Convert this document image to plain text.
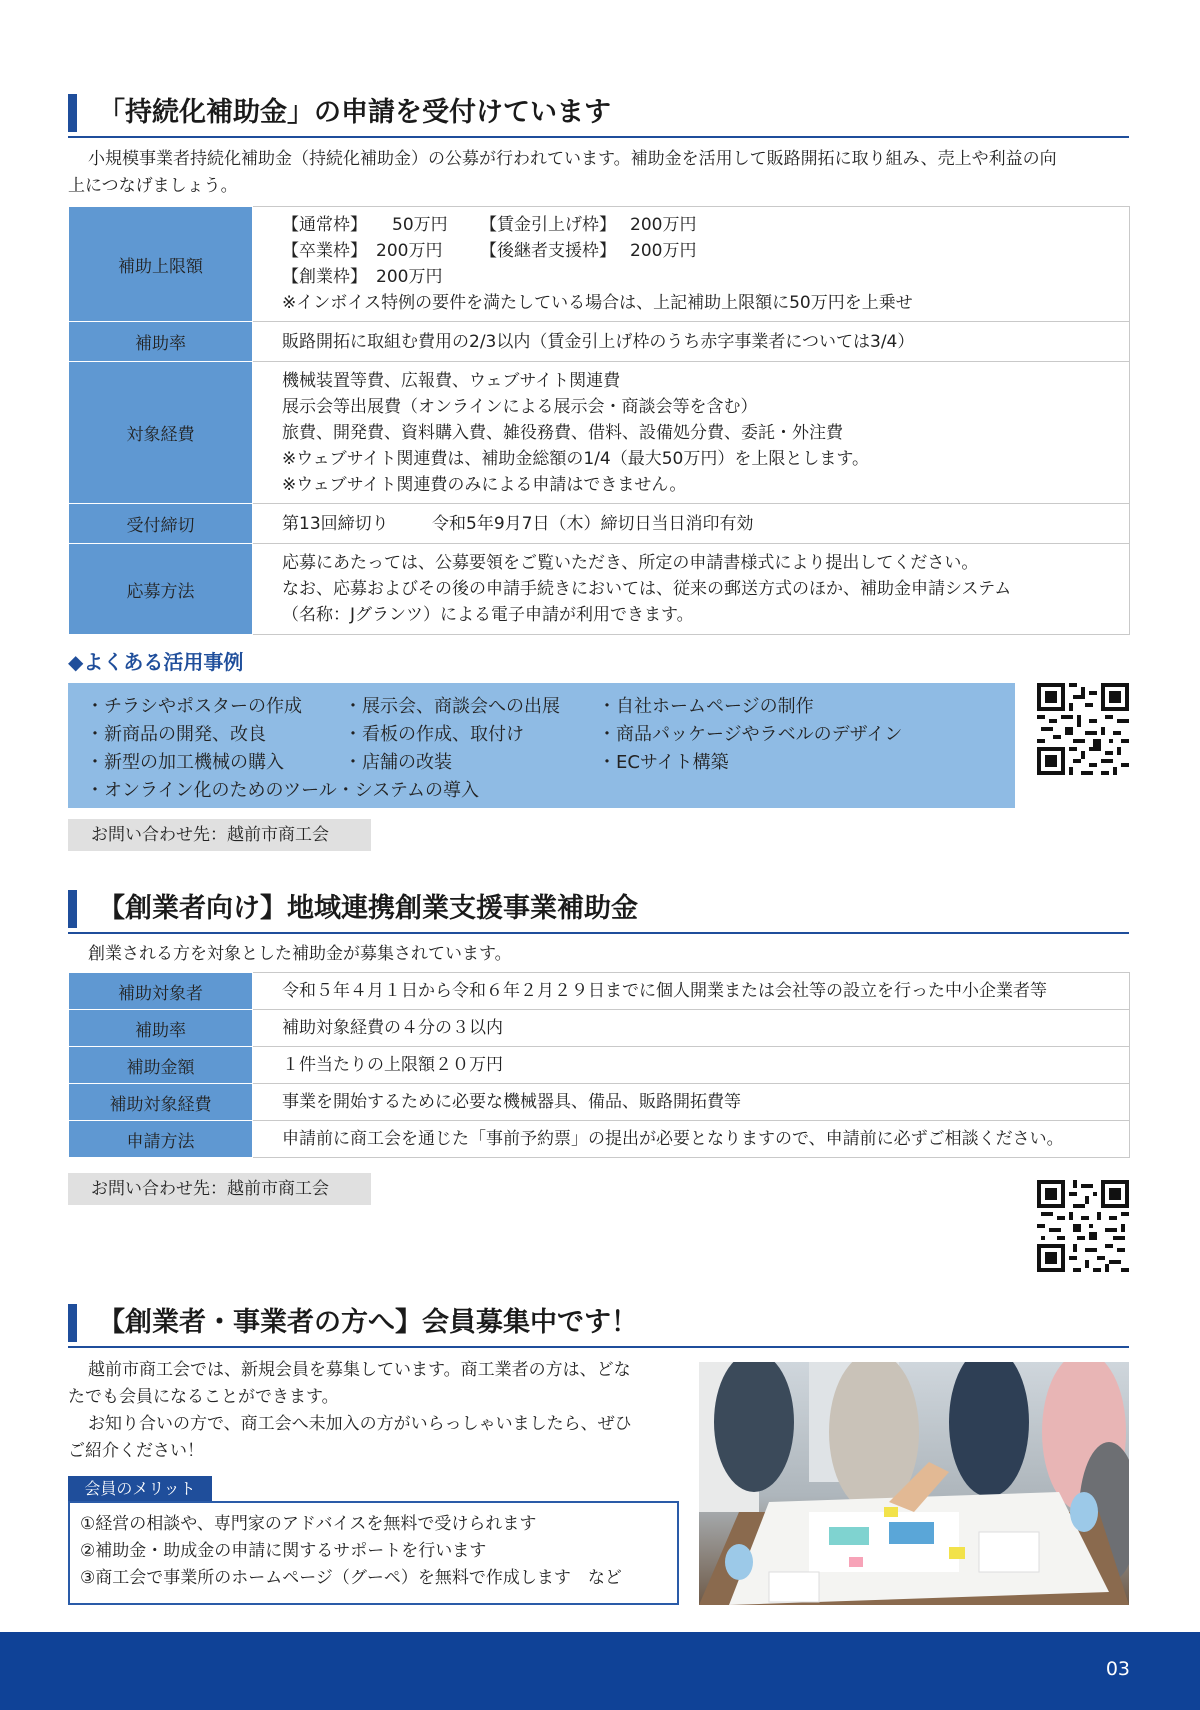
「持続化補助金」の申請を受付けています
小規模事業者持続化補助金（持続化補助金）の公募が行われています。補助金を活用して販路開拓に取り組み、売上や利益の向
上につなげましょう。
補助上限額	【通常枠】 50万円 【賃金引上げ枠】 200万円
【卒業枠】 200万円 【後継者支援枠】 200万円
【創業枠】 200万円
※インボイス特例の要件を満たしている場合は、上記補助上限額に50万円を上乗せ

補助率	販路開拓に取組む費用の2/3以内（賃金引上げ枠のうち赤字事業者については3/4）
対象経費	機械装置等費、広報費、ウェブサイト関連費
展示会等出展費（オンラインによる展示会・商談会等を含む）
旅費、開発費、資料購入費、雑役務費、借料、設備処分費、委託・外注費
※ウェブサイト関連費は、補助金総額の1/4（最大50万円）を上限とします。
※ウェブサイト関連費のみによる申請はできません。

受付締切	第13回締切り 令和5年9月7日（木）締切日当日消印有効
応募方法	応募にあたっては、公募要領をご覧いただき、所定の申請書様式により提出してください。
なお、応募およびその後の申請手続きにおいては、従来の郵送方式のほか、補助金申請システム
（名称：Jグランツ）による電子申請が利用できます。
◆よくある活用事例
・チラシやポスターの作成 ・展示会、商談会への出展 ・自社ホームページの制作
・新商品の開発、改良	・看板の作成、取付け	・商品パッケージやラベルのデザイン
・新型の加工機械の購入	・店舗の改装	・ECサイト構築
・オンライン化のためのツール・システムの導入
お問い合わせ先：越前市商工会
【創業者向け】地域連携創業支援事業補助金
創業される方を対象とした補助金が募集されています。
補助対象者	令和５年４月１日から令和６年２月２９日までに個人開業または会社等の設立を行った中小企業者等
補助率	補助対象経費の４分の３以内
補助金額	１件当たりの上限額２０万円
補助対象経費	事業を開始するために必要な機械器具、備品、販路開拓費等
申請方法	申請前に商工会を通じた「事前予約票」の提出が必要となりますので、申請前に必ずご相談ください。
お問い合わせ先：越前市商工会
【創業者・事業者の方へ】会員募集中です！
越前市商工会では、新規会員を募集しています。商工業者の方は、どな
たでも会員になることができます。
お知り合いの方で、商工会へ未加入の方がいらっしゃいましたら、ぜひ
ご紹介ください！
会員のメリット
①経営の相談や、専門家のアドバイスを無料で受けられます
②補助金・助成金の申請に関するサポートを行います
③商工会で事業所のホームページ（グーペ）を無料で作成します　など
03
